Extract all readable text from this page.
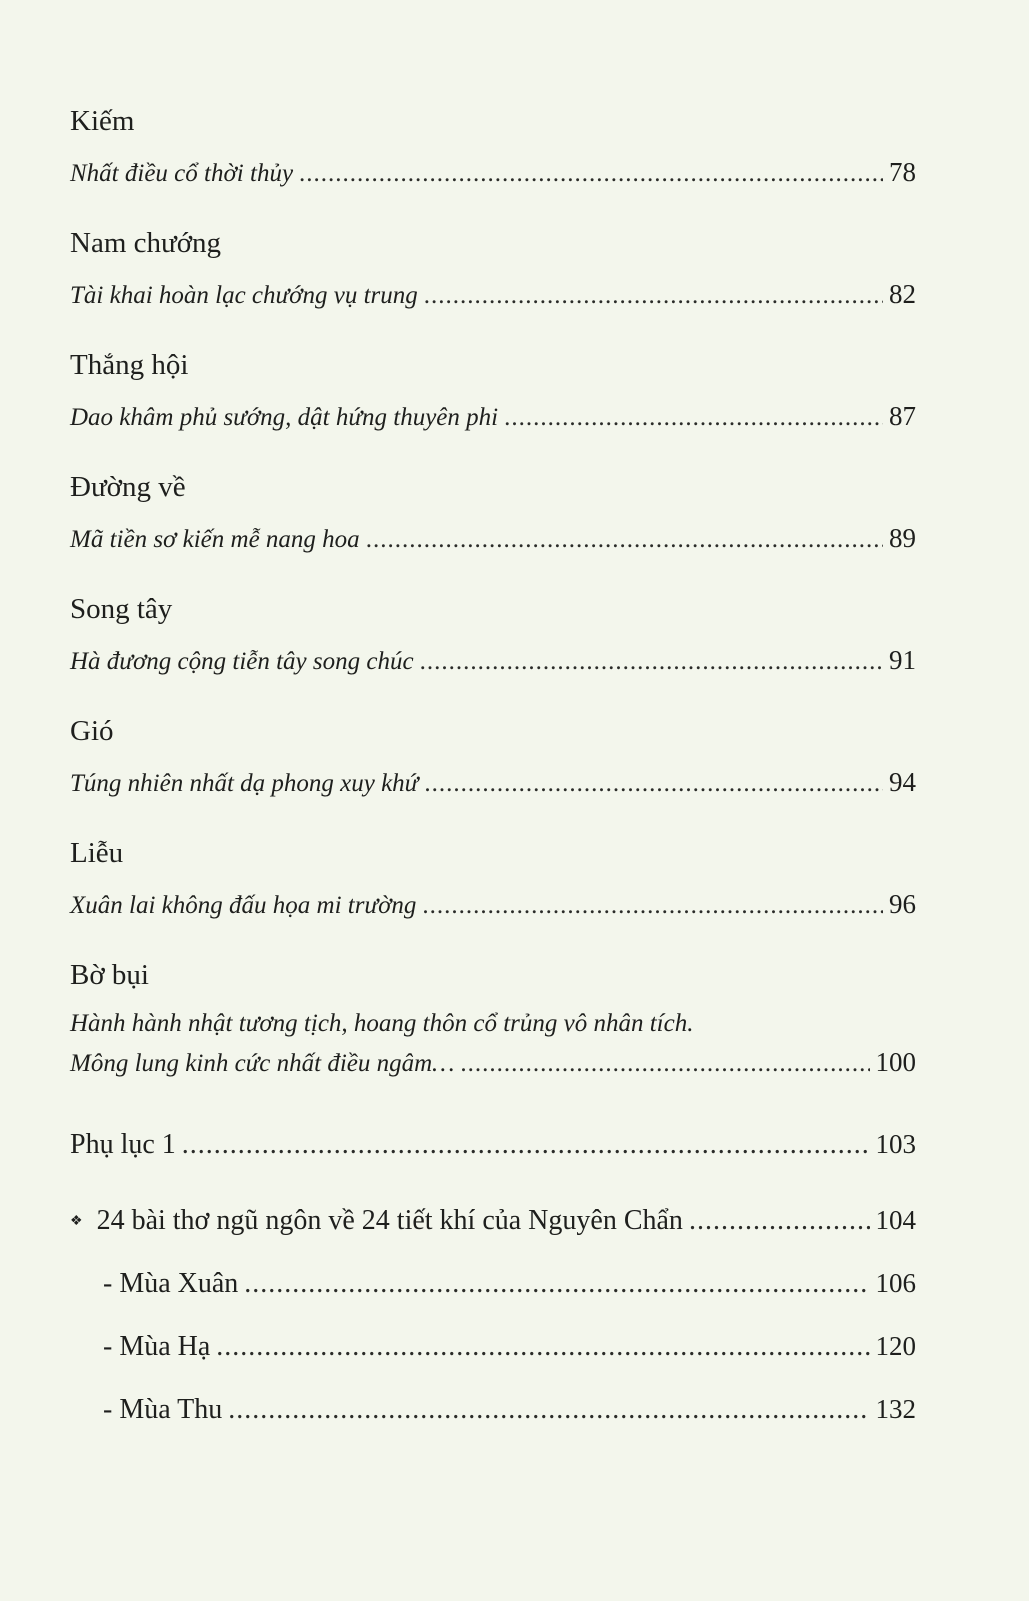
Kiếm
Nhất điều cổ thời thủy .....	78
Nam chướng
Tài khai hoàn lạc chướng vụ trung .....	82
Thắng hội
Dao khâm phủ sướng, dật hứng thuyên phi .....	87
Đường về
Mã tiền sơ kiến mễ nang hoa .....	89
Song tây
Hà đương cộng tiễn tây song chúc .....	91
Gió
Túng nhiên nhất dạ phong xuy khứ .....	94
Liễu
Xuân lai không đấu họa mi trường .....	96
Bờ bụi
Hành hành nhật tương tịch, hoang thôn cổ trủng vô nhân tích.
Mông lung kinh cức nhất điều ngâm… .....	100
Phụ lục 1 .....	103
❖ 24 bài thơ ngũ ngôn về 24 tiết khí của Nguyên Chẩn .....	104
- Mùa Xuân .....	106
- Mùa Hạ .....	120
- Mùa Thu .....	132
